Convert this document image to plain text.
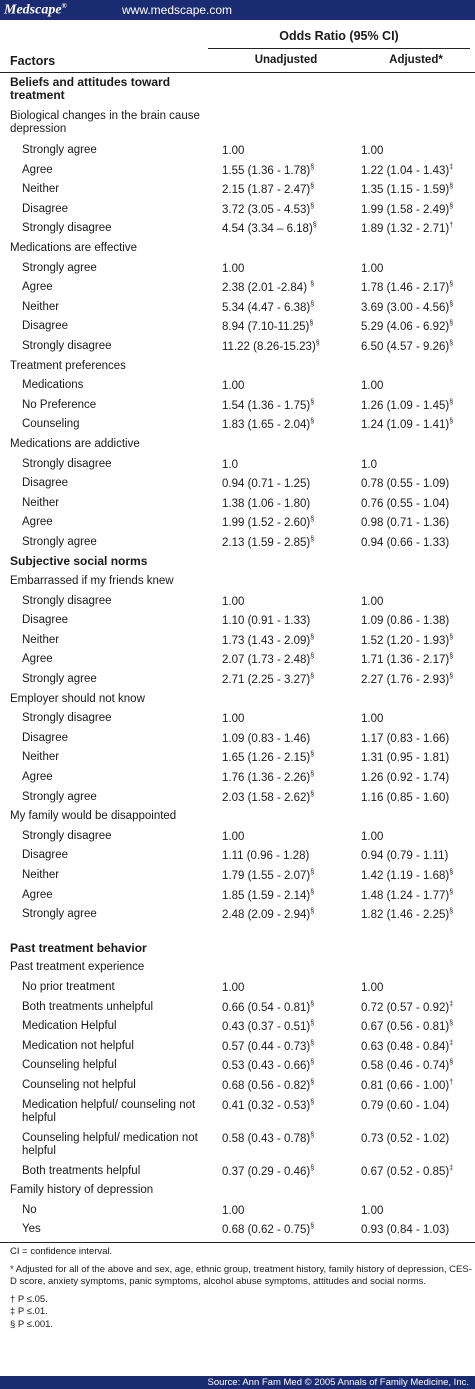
Medscape®	www.medscape.com
Odds Ratio (95% CI)
Factors	Unadjusted	Adjusted*
Beliefs and attitudes toward treatment
Biological changes in the brain cause depression
Strongly agree	1.00	1.00
Agree	1.55 (1.36 - 1.78)§	1.22 (1.04 - 1.43)‡
Neither	2.15 (1.87 - 2.47)§	1.35 (1.15 - 1.59)§
Disagree	3.72 (3.05 - 4.53)§	1.99 (1.58 - 2.49)§
Strongly disagree	4.54 (3.34 – 6.18)§	1.89 (1.32 - 2.71)†
Medications are effective
Strongly agree	1.00	1.00
Agree	2.38 (2.01 -2.84) §	1.78 (1.46 - 2.17)§
Neither	5.34 (4.47 - 6.38)§	3.69 (3.00 - 4.56)§
Disagree	8.94 (7.10-11.25)§	5.29 (4.06 - 6.92)§
Strongly disagree	11.22 (8.26-15.23)§	6.50 (4.57 - 9.26)§
Treatment preferences
Medications	1.00	1.00
No Preference	1.54 (1.36 - 1.75)§	1.26 (1.09 - 1.45)§
Counseling	1.83 (1.65 - 2.04)§	1.24 (1.09 - 1.41)§
Medications are addictive
Strongly disagree	1.0	1.0
Disagree	0.94 (0.71 - 1.25)	0.78 (0.55 - 1.09)
Neither	1.38 (1.06 - 1.80)	0.76 (0.55 - 1.04)
Agree	1.99 (1.52 - 2.60)§	0.98 (0.71 - 1.36)
Strongly agree	2.13 (1.59 - 2.85)§	0.94 (0.66 - 1.33)
Subjective social norms
Embarrassed if my friends knew
Strongly disagree	1.00	1.00
Disagree	1.10 (0.91 - 1.33)	1.09 (0.86 - 1.38)
Neither	1.73 (1.43 - 2.09)§	1.52 (1.20 - 1.93)§
Agree	2.07 (1.73 - 2.48)§	1.71 (1.36 - 2.17)§
Strongly agree	2.71 (2.25 - 3.27)§	2.27 (1.76 - 2.93)§
Employer should not know
Strongly disagree	1.00	1.00
Disagree	1.09 (0.83 - 1.46)	1.17 (0.83 - 1.66)
Neither	1.65 (1.26 - 2.15)§	1.31 (0.95 - 1.81)
Agree	1.76 (1.36 - 2.26)§	1.26 (0.92 - 1.74)
Strongly agree	2.03 (1.58 - 2.62)§	1.16 (0.85 - 1.60)
My family would be disappointed
Strongly disagree	1.00	1.00
Disagree	1.11 (0.96 - 1.28)	0.94 (0.79 - 1.11)
Neither	1.79 (1.55 - 2.07)§	1.42 (1.19 - 1.68)§
Agree	1.85 (1.59 - 2.14)§	1.48 (1.24 - 1.77)§
Strongly agree	2.48 (2.09 - 2.94)§	1.82 (1.46 - 2.25)§
Past treatment behavior
Past treatment experience
No prior treatment	1.00	1.00
Both treatments unhelpful	0.66 (0.54 - 0.81)§	0.72 (0.57 - 0.92)‡
Medication Helpful	0.43 (0.37 - 0.51)§	0.67 (0.56 - 0.81)§
Medication not helpful	0.57 (0.44 - 0.73)§	0.63 (0.48 - 0.84)‡
Counseling helpful	0.53 (0.43 - 0.66)§	0.58 (0.46 - 0.74)§
Counseling not helpful	0.68 (0.56 - 0.82)§	0.81 (0.66 - 1.00)†
Medication helpful/ counseling not helpful
0.41 (0.32 - 0.53)§	0.79 (0.60 - 1.04)
Counseling helpful/ medication not helpful
0.58 (0.43 - 0.78)§	0.73 (0.52 - 1.02)
Both treatments helpful	0.37 (0.29 - 0.46)§	0.67 (0.52 - 0.85)‡
Family history of depression
No	1.00	1.00
Yes	0.68 (0.62 - 0.75)§	0.93 (0.84 - 1.03)

CI = confidence interval.

* Adjusted for all of the above and sex, age, ethnic group, treatment history, family history of depression, CES-D score, anxiety symptoms, panic symptoms, alcohol abuse symptoms, attitudes and social norms.

† P ≤.05.

‡ P ≤.01.

§ P ≤.001.

Source: Ann Fam Med © 2005 Annals of Family Medicine, Inc.
